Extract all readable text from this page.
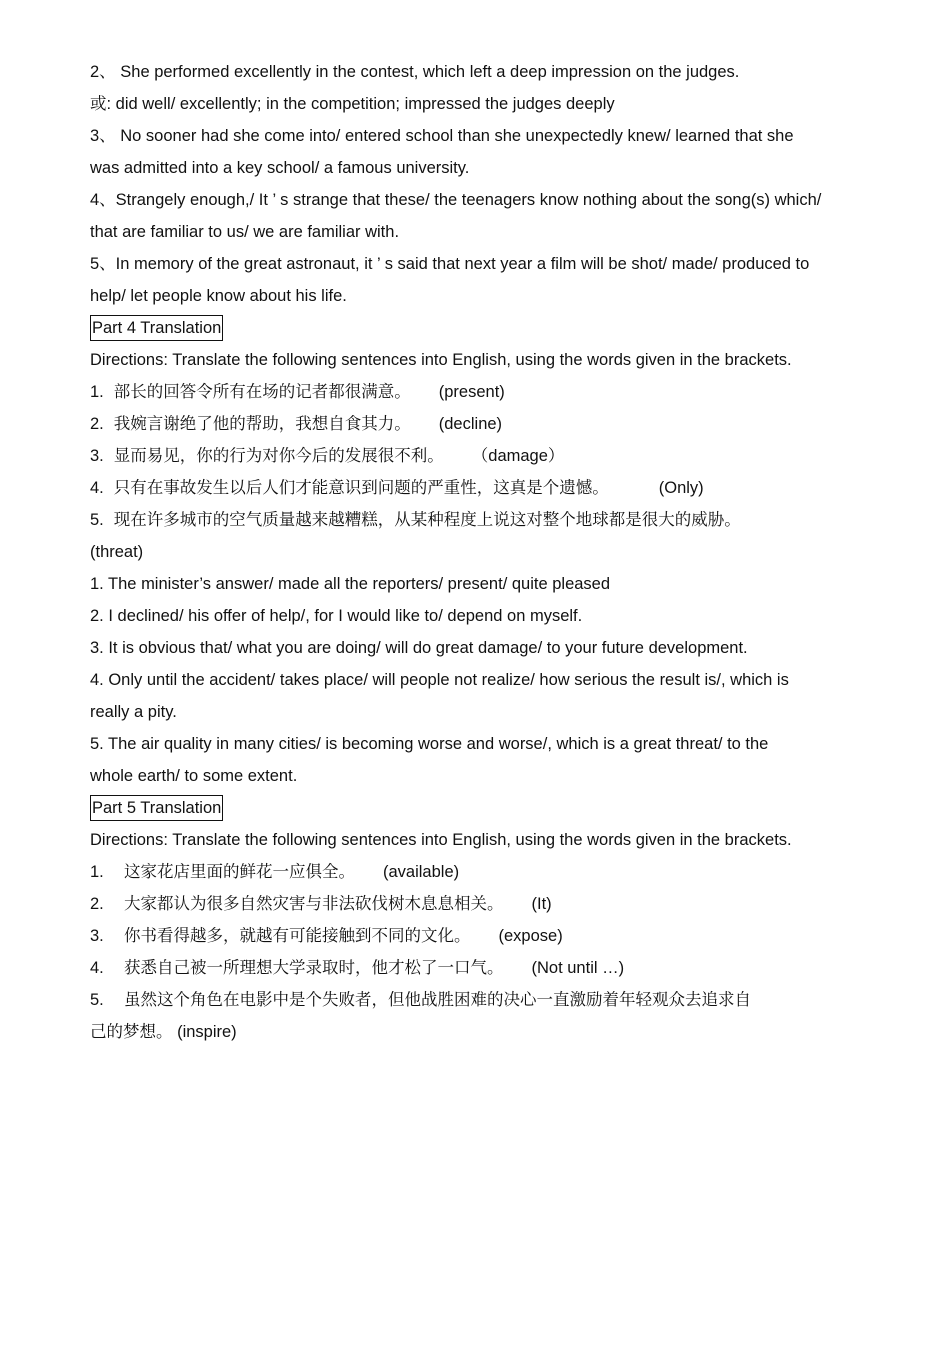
2、 She performed excellently in the contest, which left a deep impression on the judges.
或: did well/ excellently; in the competition; impressed the judges deeply
3、 No sooner had she come into/ entered school than she unexpectedly knew/ learned that she
was admitted into a key school/ a famous university.
4、Strangely enough,/ It ’ s strange that these/ the teenagers know nothing about the song(s) which/
that are familiar to us/ we are familiar with.
5、In memory of the great astronaut, it ’ s said that next year a film will be shot/ made/ produced to
help/ let people know about his life.
Part 4 Translation
Directions: Translate the following sentences into English, using the words given in the brackets.
1. 部长的回答令所有在场的记者都很满意。 (present)
2. 我婉言谢绝了他的帮助，我想自食其力。 (decline)
3. 显而易见，你的行为对你今后的发展很不利。 （damage）
4. 只有在事故发生以后人们才能意识到问题的严重性，这真是个遗憾。	(Only)
5. 现在许多城市的空气质量越来越糟糕，从某种程度上说这对整个地球都是很大的威胁。
(threat)
1. The minister’s answer/ made all the reporters/ present/ quite pleased
2. I declined/ his offer of help/, for I would like to/ depend on myself.
3. It is obvious that/ what you are doing/ will do great damage/ to your future development.
4. Only until the accident/ takes place/ will people not realize/ how serious the result is/, which is
really a pity.
5. The air quality in many cities/ is becoming worse and worse/, which is a great threat/ to the
whole earth/ to some extent.
Part 5 Translation
Directions: Translate the following sentences into English, using the words given in the brackets.
1. 这家花店里面的鲜花一应俱全。 (available)
2. 大家都认为很多自然灾害与非法砍伐树木息息相关。 (It)
3. 你书看得越多，就越有可能接触到不同的文化。 (expose)
4. 获悉自己被一所理想大学录取时，他才松了一口气。 (Not until …)
5. 虽然这个角色在电影中是个失败者，但他战胜困难的决心一直激励着年轻观众去追求自
己的梦想。 (inspire)
